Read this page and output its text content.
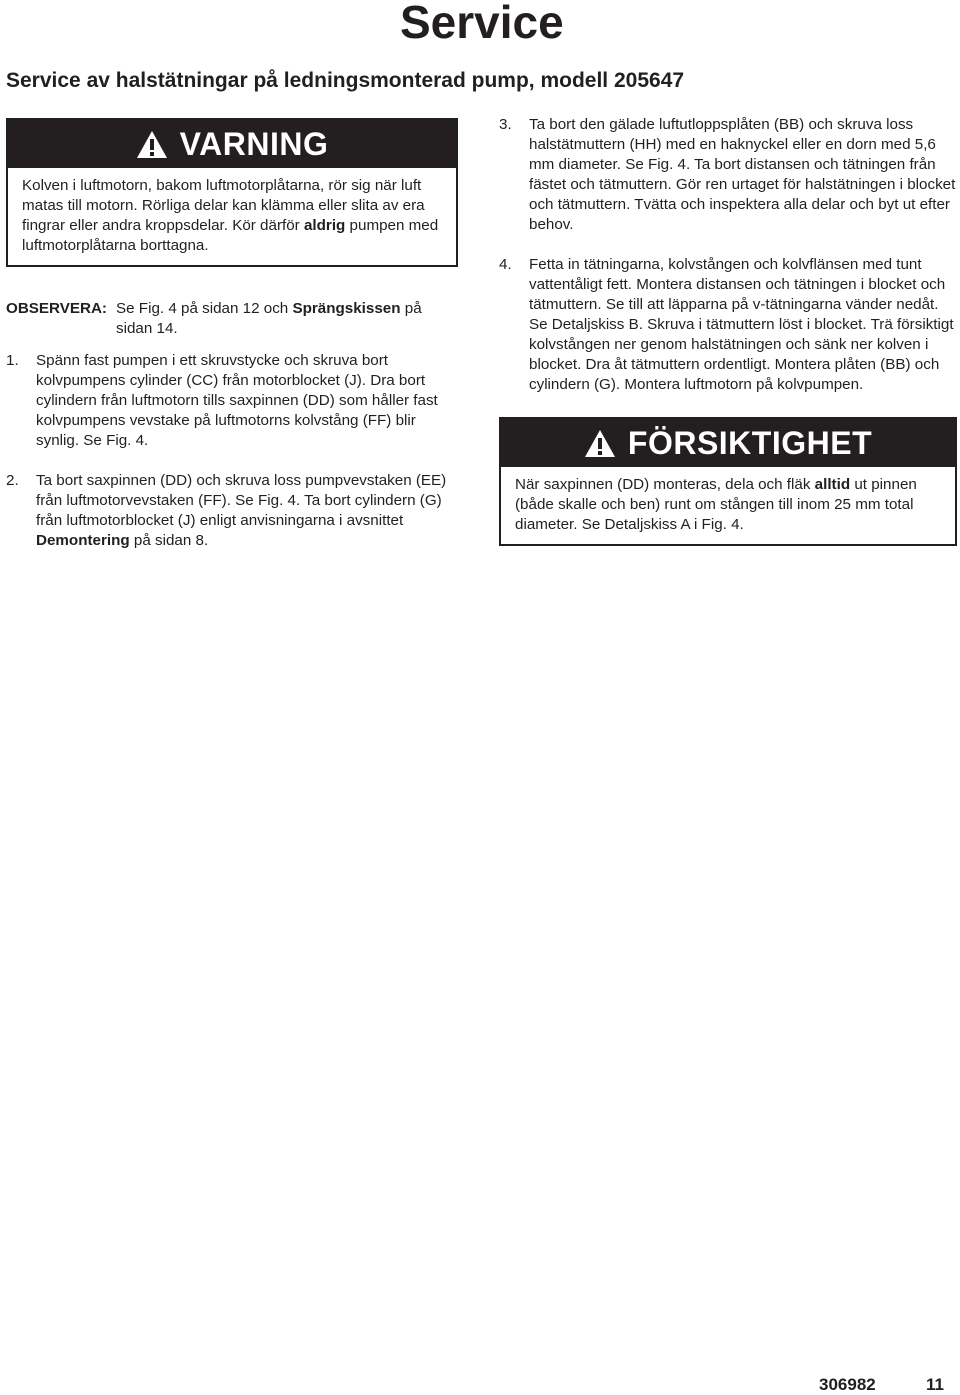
Service
Service av halstätningar på ledningsmonterad pump, modell 205647
VARNING

Kolven i luftmotorn, bakom luftmotorplåtarna, rör sig när luft matas till motorn. Rörliga delar kan klämma eller slita av era fingrar eller andra kroppsdelar. Kör därför aldrig pumpen med luftmotorplåtarna borttagna.

OBSERVERA: Se Fig. 4 på sidan 12 och Sprängskissen på sidan 14.

1. Spänn fast pumpen i ett skruvstycke och skruva bort kolvpumpens cylinder (CC) från motorblocket (J). Dra bort cylindern från luftmotorn tills saxpinnen (DD) som håller fast kolvpumpens vevstake på luftmotorns kolvstång (FF) blir synlig. Se Fig. 4.

2. Ta bort saxpinnen (DD) och skruva loss pumpvevstaken (EE) från luftmotorvevstaken (FF). Se Fig. 4. Ta bort cylindern (G) från luftmotorblocket (J) enligt anvisningarna i avsnittet Demontering på sidan 8.

3. Ta bort den gälade luftutloppsplåten (BB) och skruva loss halstätmuttern (HH) med en haknyckel eller en dorn med 5,6 mm diameter. Se Fig. 4. Ta bort distansen och tätningen från fästet och tätmuttern. Gör ren urtaget för halstätningen i blocket och tätmuttern. Tvätta och inspektera alla delar och byt ut efter behov.

4. Fetta in tätningarna, kolvstången och kolvflänsen med tunt vattentåligt fett. Montera distansen och tätningen i blocket och tätmuttern. Se till att läpparna på v-tätningarna vänder nedåt. Se Detaljskiss B. Skruva i tätmuttern löst i blocket. Trä försiktigt kolvstången ner genom halstätningen och sänk ner kolven i blocket. Dra åt tätmuttern ordentligt. Montera plåten (BB) och cylindern (G). Montera luftmotorn på kolvpumpen.

FÖRSIKTIGHET

När saxpinnen (DD) monteras, dela och fläk alltid ut pinnen (både skalle och ben) runt om stången till inom 25 mm total diameter. Se Detaljskiss A i Fig. 4.

306982	11
